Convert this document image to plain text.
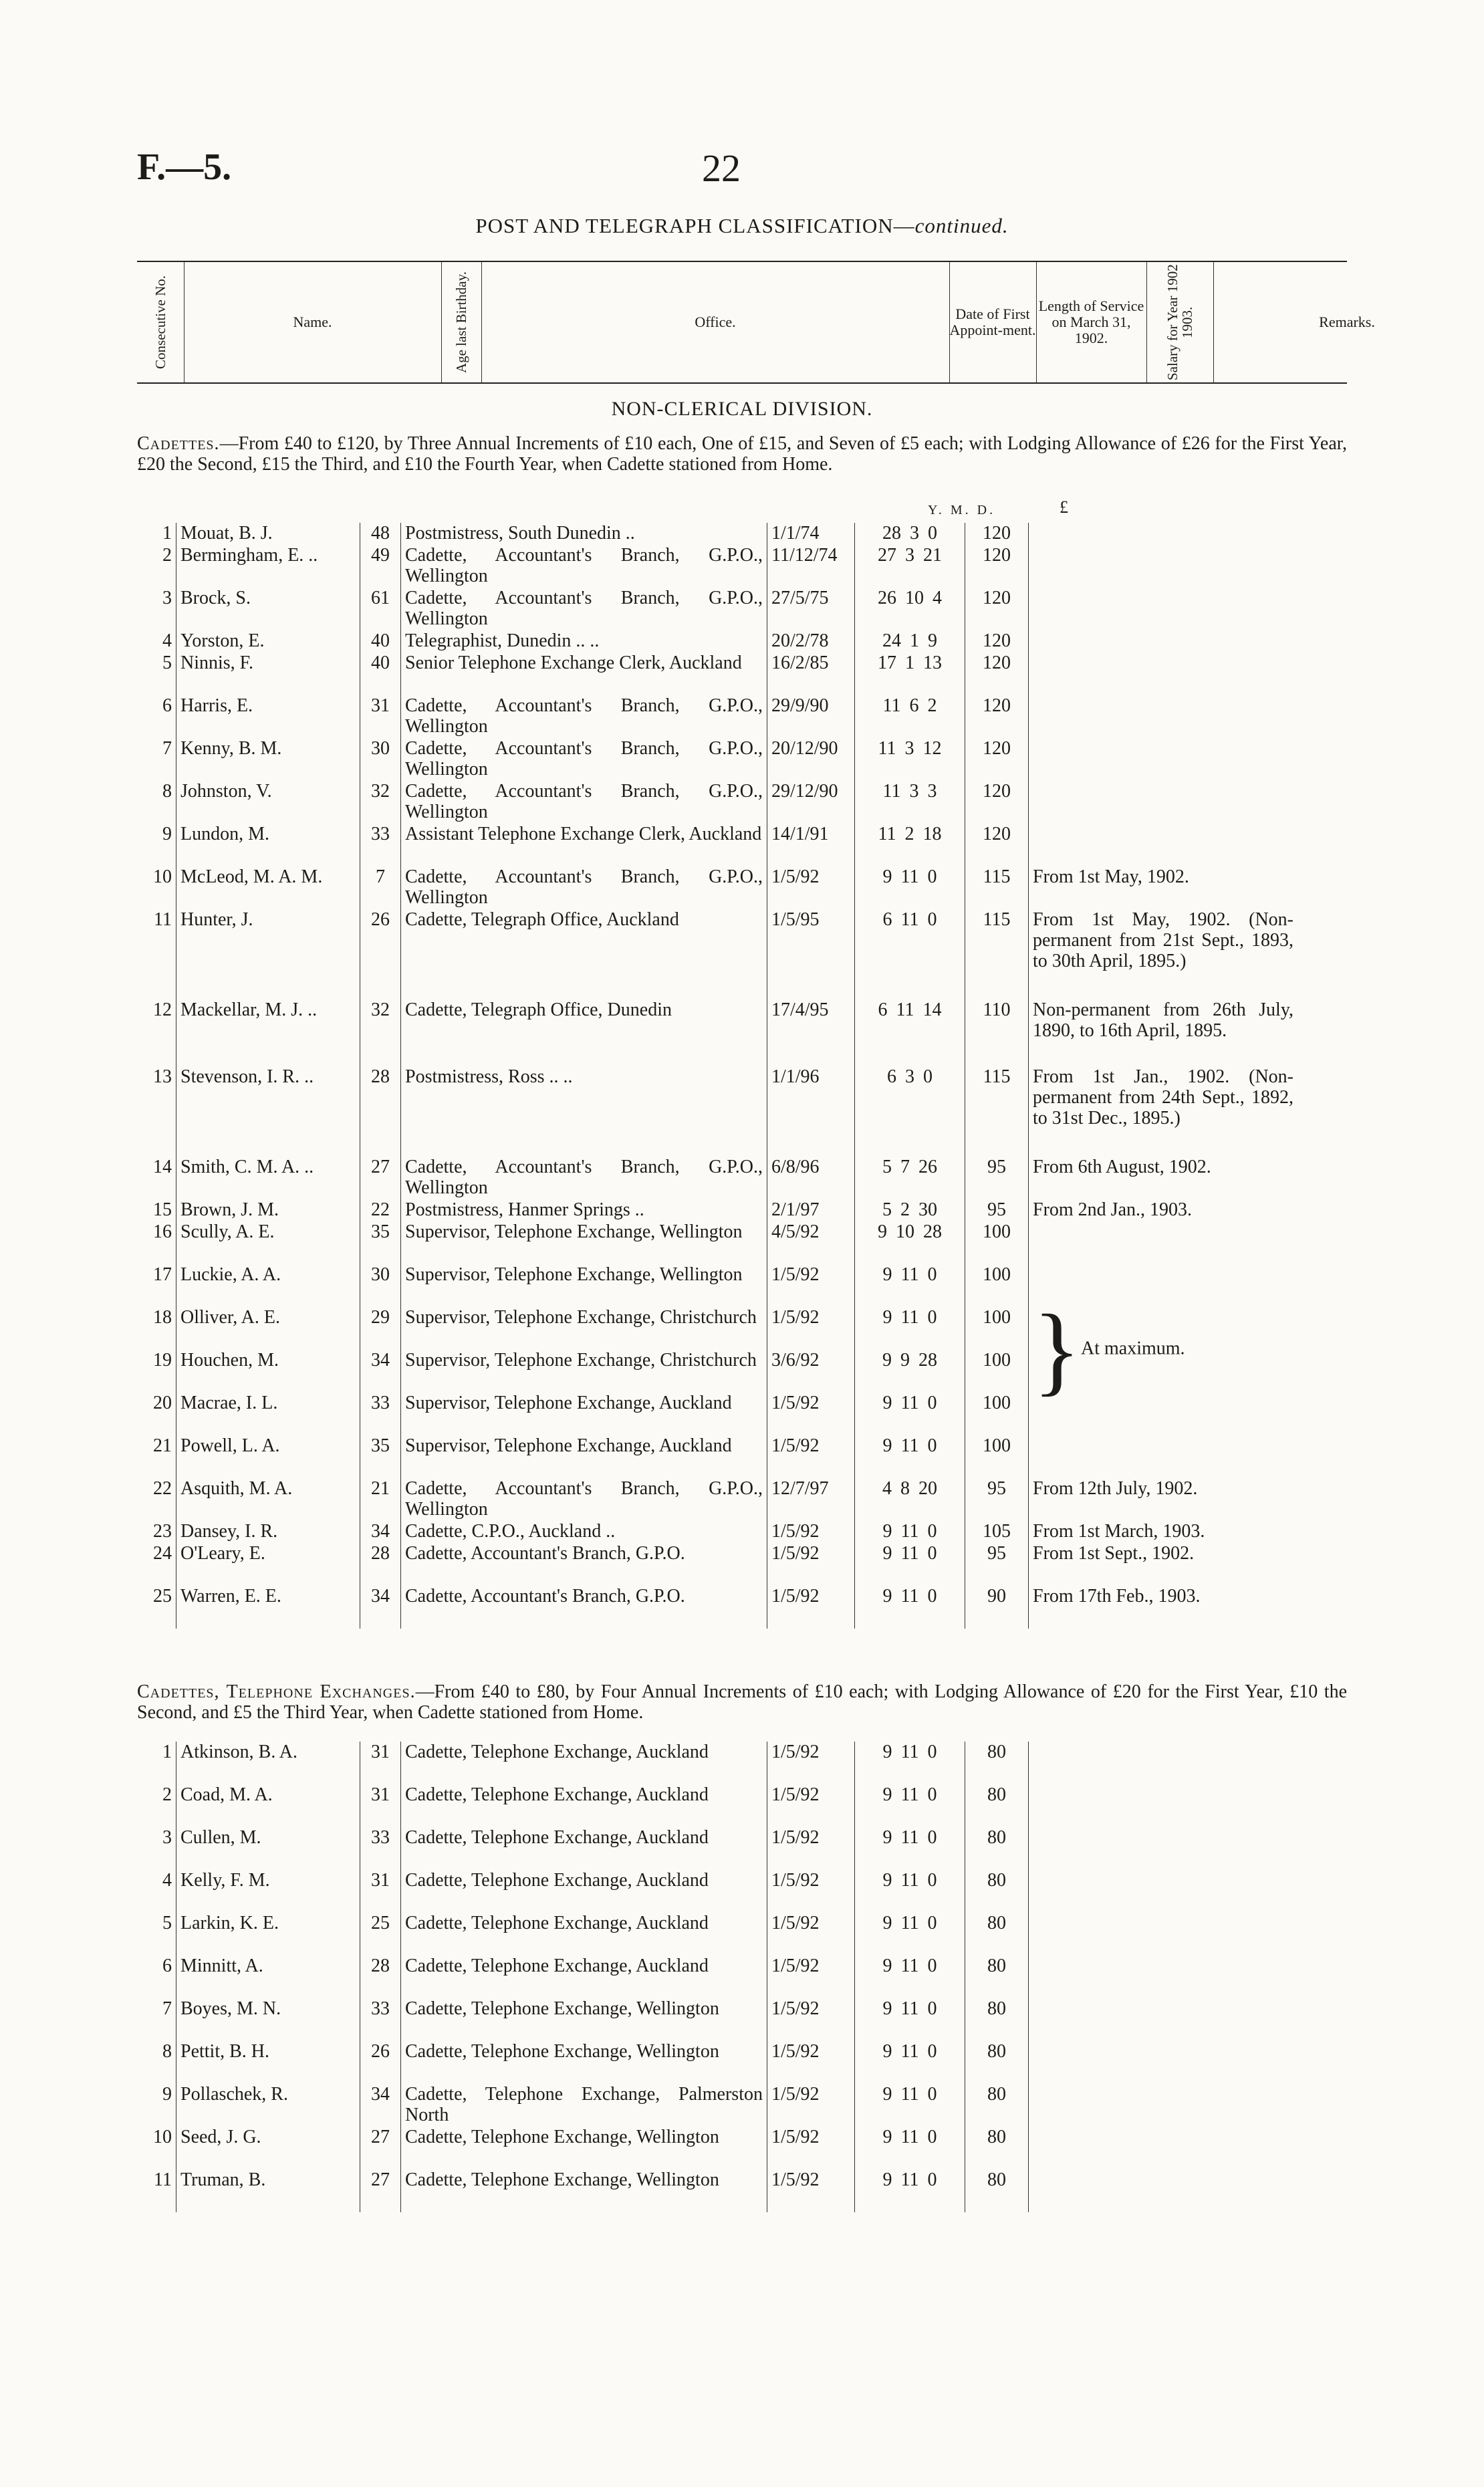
F.—5.	22
POST AND TELEGRAPH CLASSIFICATION—continued.
Consecutive No.	Name.	Age last Birthday.	Office.	Date of First Appoint-ment.
Length of Service on March 31, 1902.	Salary for Year 1902 1903.	Remarks.
NON-CLERICAL DIVISION.
Cadettes.—From £40 to £120, by Three Annual Increments of £10 each, One of £15, and Seven of £5 each; with Lodging Allowance of £26 for the First Year, £20 the Second, £15 the Third, and £10 the Fourth Year, when Cadette stationed from Home.
Y. M. D.	£
1	Mouat, B. J.	48	Postmistress, South Dunedin ..	1/1/74	28 3 0	120	
2	Bermingham, E. ..	49	Cadette, Accountant's Branch, G.P.O., Wellington	11/12/74	27 3 21	120	
3	Brock, S.	61	Cadette, Accountant's Branch, G.P.O., Wellington	27/5/75	26 10 4	120	
4	Yorston, E.	40	Telegraphist, Dunedin .. ..	20/2/78	24 1 9	120	
5	Ninnis, F.	40	Senior Telephone Exchange Clerk, Auckland	16/2/85	17 1 13	120	
6	Harris, E.	31	Cadette, Accountant's Branch, G.P.O., Wellington	29/9/90	11 6 2	120	
7	Kenny, B. M.	30	Cadette, Accountant's Branch, G.P.O., Wellington	20/12/90	11 3 12	120	
8	Johnston, V.	32	Cadette, Accountant's Branch, G.P.O., Wellington	29/12/90	11 3 3	120	
9	Lundon, M.	33	Assistant Telephone Exchange Clerk, Auckland	14/1/91	11 2 18	120	
10	McLeod, M. A. M.	7	Cadette, Accountant's Branch, G.P.O., Wellington	1/5/92	9 11 0	115	From 1st May, 1902.
11	Hunter, J.	26	Cadette, Telegraph Office, Auckland	1/5/95	6 11 0	115	From 1st May, 1902. (Non-permanent from 21st Sept., 1893, to 30th April, 1895.)
12	Mackellar, M. J. ..	32	Cadette, Telegraph Office, Dunedin	17/4/95	6 11 14	110	Non-permanent from 26th July, 1890, to 16th April, 1895.
13	Stevenson, I. R. ..	28	Postmistress, Ross .. ..	1/1/96	6 3 0	115	From 1st Jan., 1902. (Non-permanent from 24th Sept., 1892, to 31st Dec., 1895.)
14	Smith, C. M. A. ..	27	Cadette, Accountant's Branch, G.P.O., Wellington	6/8/96	5 7 26	95	From 6th August, 1902.
15	Brown, J. M.	22	Postmistress, Hanmer Springs ..	2/1/97	5 2 30	95	From 2nd Jan., 1903.
16	Scully, A. E.	35	Supervisor, Telephone Exchange, Wellington	4/5/92	9 10 28	100	}At maximum.
17	Luckie, A. A.	30	Supervisor, Telephone Exchange, Wellington	1/5/92	9 11 0	100	
18	Olliver, A. E.	29	Supervisor, Telephone Exchange, Christchurch	1/5/92	9 11 0	100	
19	Houchen, M.	34	Supervisor, Telephone Exchange, Christchurch	3/6/92	9 9 28	100	
20	Macrae, I. L.	33	Supervisor, Telephone Exchange, Auckland	1/5/92	9 11 0	100	
21	Powell, L. A.	35	Supervisor, Telephone Exchange, Auckland	1/5/92	9 11 0	100	
22	Asquith, M. A.	21	Cadette, Accountant's Branch, G.P.O., Wellington	12/7/97	4 8 20	95	From 12th July, 1902.
23	Dansey, I. R.	34	Cadette, C.P.O., Auckland ..	1/5/92	9 11 0	105	From 1st March, 1903.
24	O'Leary, E.	28	Cadette, Accountant's Branch, G.P.O.	1/5/92	9 11 0	95	From 1st Sept., 1902.
25	Warren, E. E.	34	Cadette, Accountant's Branch, G.P.O.	1/5/92	9 11 0	90	From 17th Feb., 1903.
Cadettes, Telephone Exchanges.—From £40 to £80, by Four Annual Increments of £10 each; with Lodging Allowance of £20 for the First Year, £10 the Second, and £5 the Third Year, when Cadette stationed from Home.
1	Atkinson, B. A.	31	Cadette, Telephone Exchange, Auckland	1/5/92	9 11 0	80	
2	Coad, M. A.	31	Cadette, Telephone Exchange, Auckland	1/5/92	9 11 0	80	
3	Cullen, M.	33	Cadette, Telephone Exchange, Auckland	1/5/92	9 11 0	80	
4	Kelly, F. M.	31	Cadette, Telephone Exchange, Auckland	1/5/92	9 11 0	80	
5	Larkin, K. E.	25	Cadette, Telephone Exchange, Auckland	1/5/92	9 11 0	80	
6	Minnitt, A.	28	Cadette, Telephone Exchange, Auckland	1/5/92	9 11 0	80	
7	Boyes, M. N.	33	Cadette, Telephone Exchange, Wellington	1/5/92	9 11 0	80	
8	Pettit, B. H.	26	Cadette, Telephone Exchange, Wellington	1/5/92	9 11 0	80	
9	Pollaschek, R.	34	Cadette, Telephone Exchange, Palmerston North	1/5/92	9 11 0	80	
10	Seed, J. G.	27	Cadette, Telephone Exchange, Wellington	1/5/92	9 11 0	80	
11	Truman, B.	27	Cadette, Telephone Exchange, Wellington	1/5/92	9 11 0	80	
